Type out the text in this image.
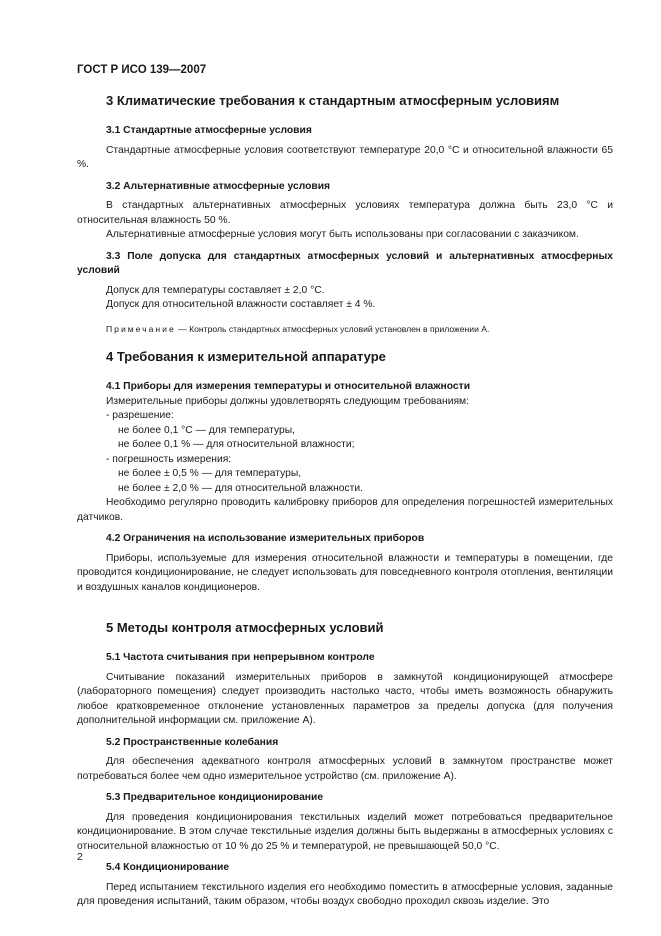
ГОСТ Р ИСО 139—2007
3 Климатические требования к стандартным атмосферным условиям
3.1 Стандартные атмосферные условия

Стандартные атмосферные условия соответствуют температуре 20,0 °С и относительной влажности 65 %.

3.2 Альтернативные атмосферные условия

В стандартных альтернативных атмосферных условиях температура должна быть 23,0 °С и относительная влажность 50 %.

Альтернативные атмосферные условия могут быть использованы при согласовании с заказчиком.

3.3 Поле допуска для стандартных атмосферных условий и альтернативных атмосферных условий

Допуск для температуры составляет ± 2,0 °С.

Допуск для относительной влажности составляет ± 4 %.

Примечание — Контроль стандартных атмосферных условий установлен в приложении А.

4 Требования к измерительной аппаратуре
4.1 Приборы для измерения температуры и относительной влажности

Измерительные приборы должны удовлетворять следующим требованиям:

- разрешение:
не более 0,1 °С — для температуры,
не более 0,1 % — для относительной влажности;
- погрешность измерения:
не более ± 0,5 % — для температуры,
не более ± 2,0 % — для относительной влажности.

Необходимо регулярно проводить калибровку приборов для определения погрешностей измерительных датчиков.

4.2 Ограничения на использование измерительных приборов

Приборы, используемые для измерения относительной влажности и температуры в помещении, где проводится кондиционирование, не следует использовать для повседневного контроля отопления, вентиляции и воздушных каналов кондиционеров.

5 Методы контроля атмосферных условий
5.1 Частота считывания при непрерывном контроле

Считывание показаний измерительных приборов в замкнутой кондиционирующей атмосфере (лабораторного помещения) следует производить настолько часто, чтобы иметь возможность обнаружить любое кратковременное отклонение установленных параметров за пределы допуска (для получения дополнительной информации см. приложение А).

5.2 Пространственные колебания

Для обеспечения адекватного контроля атмосферных условий в замкнутом пространстве может потребоваться более чем одно измерительное устройство (см. приложение А).

5.3 Предварительное кондиционирование

Для проведения кондиционирования текстильных изделий может потребоваться предварительное кондиционирование. В этом случае текстильные изделия должны быть выдержаны в атмосферных условиях с относительной влажностью от 10 % до 25 % и температурой, не превышающей 50,0 °С.

5.4 Кондиционирование

Перед испытанием текстильного изделия его необходимо поместить в атмосферные условия, заданные для проведения испытаний, таким образом, чтобы воздух свободно проходил сквозь изделие. Это

2
